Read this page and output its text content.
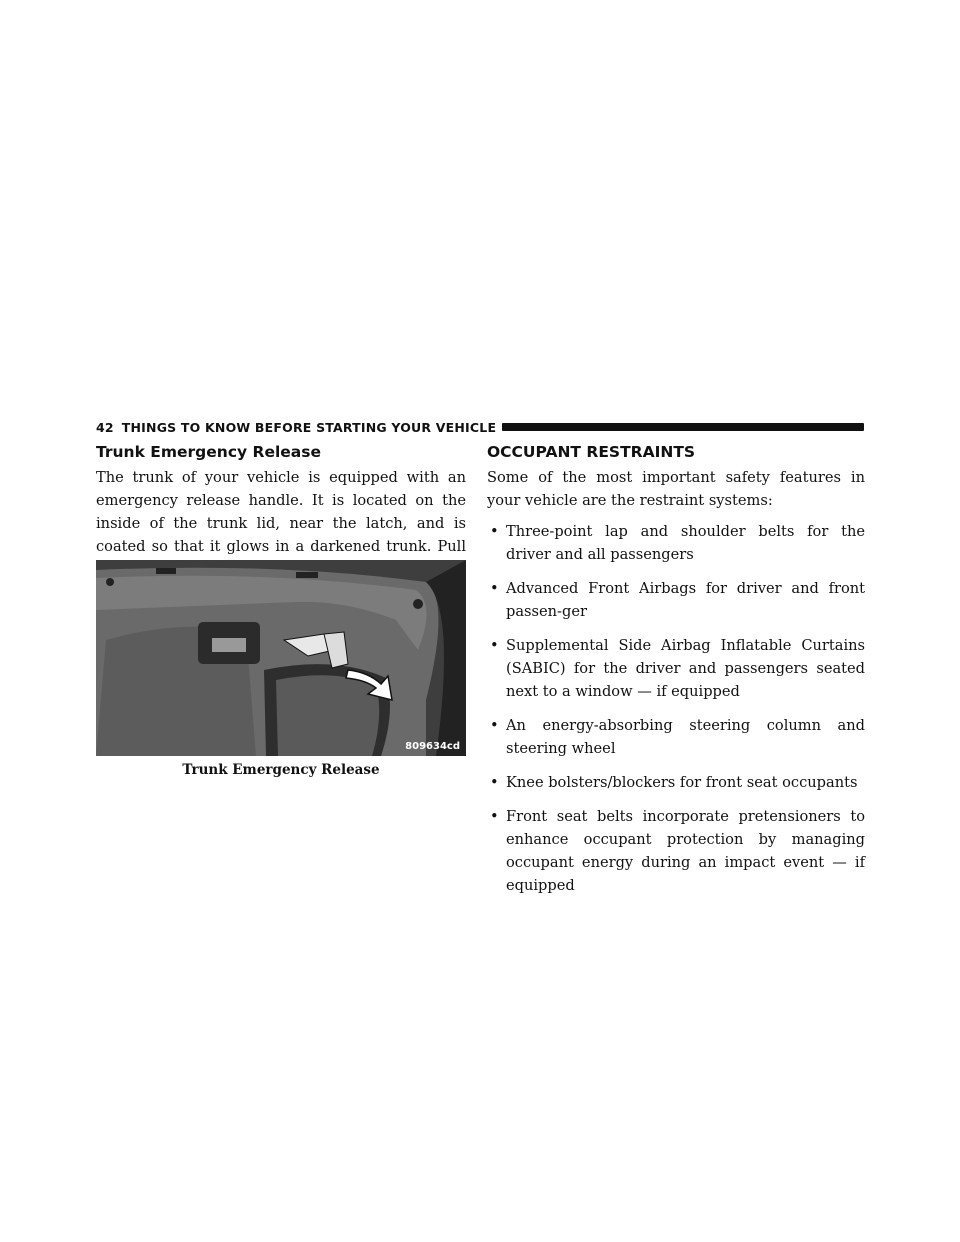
42 THINGS TO KNOW BEFORE STARTING YOUR VEHICLE
Trunk Emergency Release

The trunk of your vehicle is equipped with an emergency release handle. It is located on the inside of the trunk lid, near the latch, and is coated so that it glows in a darkened trunk. Pull

809634cd
Trunk Emergency Release
OCCUPANT RESTRAINTS

Some of the most important safety features in your vehicle are the restraint systems:

• Three-point lap and shoulder belts for the driver and all passengers
• Advanced Front Airbags for driver and front passen-ger
• Supplemental Side Airbag Inflatable Curtains (SABIC) for the driver and passengers seated next to a window — if equipped
• An energy-absorbing steering column and steering wheel
• Knee bolsters/blockers for front seat occupants
• Front seat belts incorporate pretensioners to enhance occupant protection by managing occupant energy during an impact event — if equipped
